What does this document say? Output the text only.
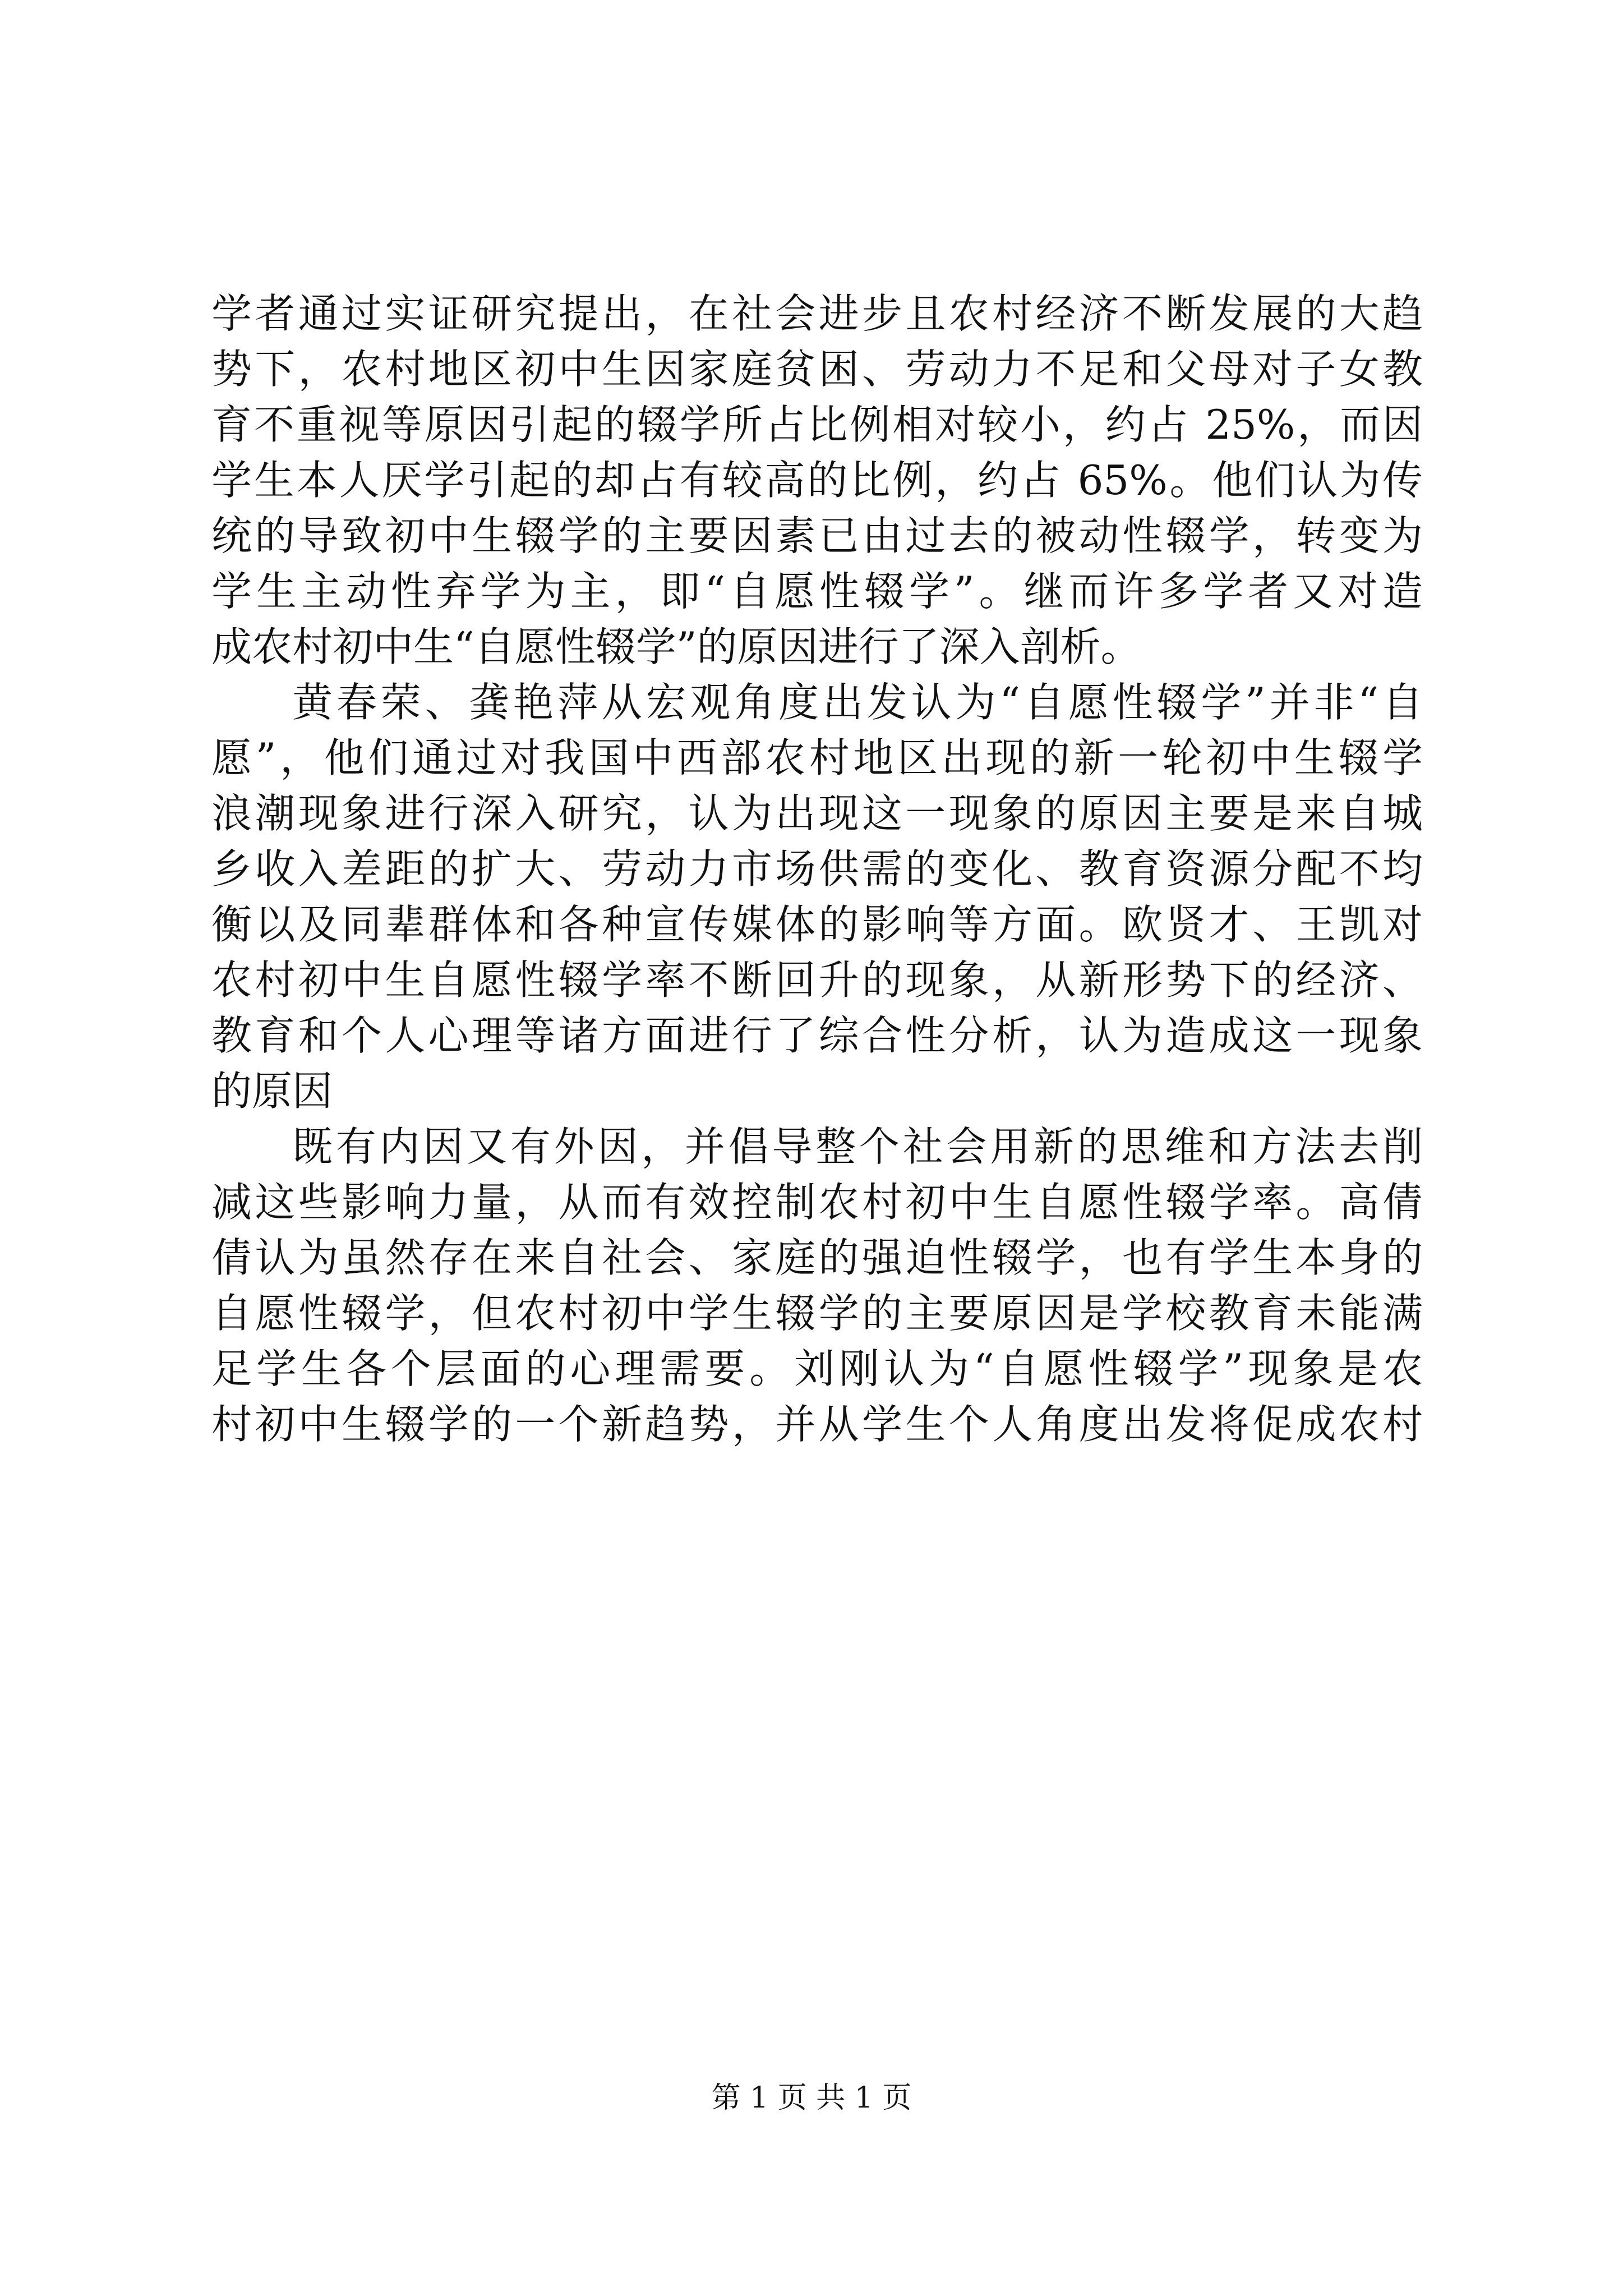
学者通过实证研究提出，在社会进步且农村经济不断发展的大趋
势下，农村地区初中生因家庭贫困、劳动力不足和父母对子女教
育不重视等原因引起的辍学所占比例相对较小，约占 25%，而因
学生本人厌学引起的却占有较高的比例，约占 65%。他们认为传
统的导致初中生辍学的主要因素已由过去的被动性辍学，转变为
学生主动性弃学为主，即“自愿性辍学”。继而许多学者又对造
成农村初中生“自愿性辍学”的原因进行了深入剖析。
黄春荣、龚艳萍从宏观角度出发认为“自愿性辍学”并非“自
愿”，他们通过对我国中西部农村地区出现的新一轮初中生辍学
浪潮现象进行深入研究，认为出现这一现象的原因主要是来自城
乡收入差距的扩大、劳动力市场供需的变化、教育资源分配不均
衡以及同辈群体和各种宣传媒体的影响等方面。欧贤才、王凯对
农村初中生自愿性辍学率不断回升的现象，从新形势下的经济、
教育和个人心理等诸方面进行了综合性分析，认为造成这一现象
的原因
既有内因又有外因，并倡导整个社会用新的思维和方法去削
减这些影响力量，从而有效控制农村初中生自愿性辍学率。高倩
倩认为虽然存在来自社会、家庭的强迫性辍学，也有学生本身的
自愿性辍学，但农村初中学生辍学的主要原因是学校教育未能满
足学生各个层面的心理需要。刘刚认为“自愿性辍学”现象是农
村初中生辍学的一个新趋势，并从学生个人角度出发将促成农村
第 1 页 共 1 页
